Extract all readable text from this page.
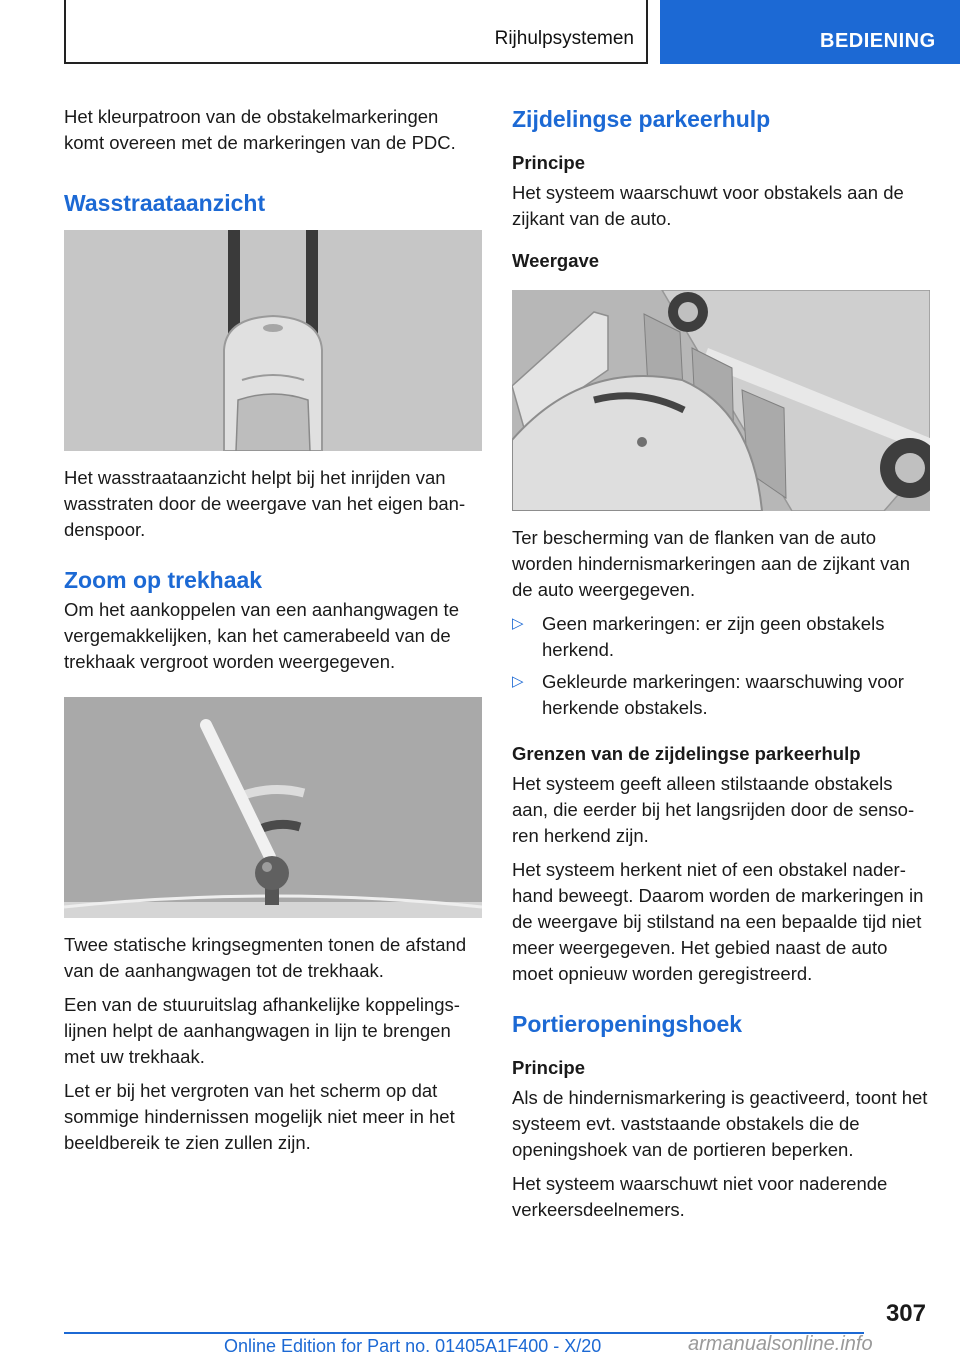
Rijhulpsystemen	BEDIENING

Het kleurpatroon van de obstakelmarkeringen komt overeen met de markeringen van de PDC.

Wasstraataanzicht

Het wasstraataanzicht helpt bij het inrijden van wasstraten door de weergave van het eigen bandenspoor.

Zoom op trekhaak

Om het aankoppelen van een aanhangwagen te vergemakkelijken, kan het camerabeeld van de trekhaak vergroot worden weergegeven.

Twee statische kringsegmenten tonen de afstand van de aanhangwagen tot de trekhaak.

Een van de stuuruitslag afhankelijke koppelingslijnen helpt de aanhangwagen in lijn te brengen met uw trekhaak.

Let er bij het vergroten van het scherm op dat sommige hindernissen mogelijk niet meer in het beeldbereik te zien zullen zijn.

Zijdelingse parkeerhulp
Principe

Het systeem waarschuwt voor obstakels aan de zijkant van de auto.

Weergave

Ter bescherming van de flanken van de auto worden hindernismarkeringen aan de zijkant van de auto weergegeven.

▷ Geen markeringen: er zijn geen obstakels herkend.
▷ Gekleurde markeringen: waarschuwing voor herkende obstakels.
Grenzen van de zijdelingse parkeerhulp

Het systeem geeft alleen stilstaande obstakels aan, die eerder bij het langsrijden door de sensoren herkend zijn.

Het systeem herkent niet of een obstakel naderhand beweegt. Daarom worden de markeringen in de weergave bij stilstand na een bepaalde tijd niet meer weergegeven. Het gebied naast de auto moet opnieuw worden geregistreerd.

Portieropeningshoek
Principe

Als de hindernismarkering is geactiveerd, toont het systeem evt. vaststaande obstakels die de openingshoek van de portieren beperken.

Het systeem waarschuwt niet voor naderende verkeersdeelnemers.

307
Online Edition for Part no. 01405A1F400 - X/20	armanualsonline.info
